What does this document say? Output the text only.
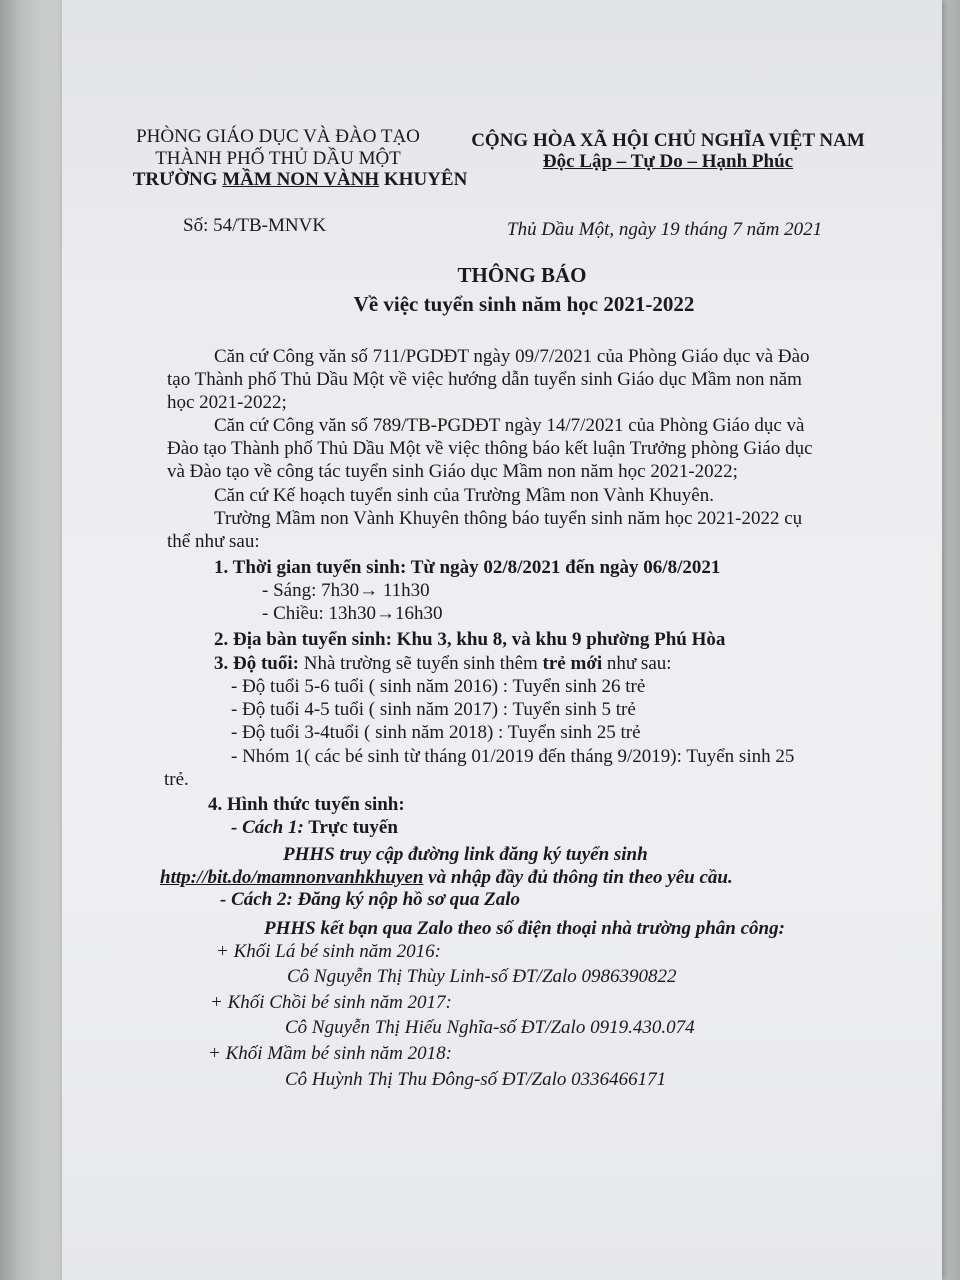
PHÒNG GIÁO DỤC VÀ ĐÀO TẠO
THÀNH PHỐ THỦ DẦU MỘT
TRƯỜNG MẦM NON VÀNH KHUYÊN
CỘNG HÒA XÃ HỘI CHỦ NGHĨA VIỆT NAM
Độc Lập – Tự Do – Hạnh Phúc
Số: 54/TB-MNVK	Thủ Dầu Một, ngày 19 tháng 7 năm 2021
THÔNG BÁO
Về việc tuyển sinh năm học 2021-2022
Căn cứ Công văn số 711/PGDĐT ngày 09/7/2021 của Phòng Giáo dục và Đào
tạo Thành phố Thủ Dầu Một về việc hướng dẫn tuyển sinh Giáo dục Mầm non năm
học 2021-2022;
Căn cứ Công văn số 789/TB-PGDĐT ngày 14/7/2021 của Phòng Giáo dục và
Đào tạo Thành phố Thủ Dầu Một về việc thông báo kết luận Trưởng phòng Giáo dục
và Đào tạo về công tác tuyển sinh Giáo dục Mầm non năm học 2021-2022;
Căn cứ Kế hoạch tuyển sinh của Trường Mầm non Vành Khuyên.
Trường Mầm non Vành Khuyên thông báo tuyển sinh năm học 2021-2022 cụ
thể như sau:
1. Thời gian tuyển sinh: Từ ngày 02/8/2021 đến ngày 06/8/2021
- Sáng: 7h30→ 11h30
- Chiều: 13h30→16h30
2. Địa bàn tuyển sinh: Khu 3, khu 8, và khu 9 phường Phú Hòa
3. Độ tuổi: Nhà trường sẽ tuyển sinh thêm trẻ mới như sau:
- Độ tuổi 5-6 tuổi ( sinh năm 2016) : Tuyển sinh 26 trẻ
- Độ tuổi 4-5 tuổi ( sinh năm 2017) : Tuyển sinh 5 trẻ
- Độ tuổi 3-4tuổi ( sinh năm 2018) : Tuyển sinh 25 trẻ
- Nhóm 1( các bé sinh từ tháng 01/2019 đến tháng 9/2019): Tuyển sinh 25
trẻ.
4. Hình thức tuyển sinh:
- Cách 1: Trực tuyến
PHHS truy cập đường link đăng ký tuyển sinh
http://bit.do/mamnonvanhkhuyen và nhập đầy đủ thông tin theo yêu cầu.
- Cách 2: Đăng ký nộp hồ sơ qua Zalo
PHHS kết bạn qua Zalo theo số điện thoại nhà trường phân công:
+ Khối Lá bé sinh năm 2016:
Cô Nguyễn Thị Thùy Linh-số ĐT/Zalo 0986390822
+ Khối Chồi bé sinh năm 2017:
Cô Nguyễn Thị Hiếu Nghĩa-số ĐT/Zalo 0919.430.074
+ Khối Mầm bé sinh năm 2018:
Cô Huỳnh Thị Thu Đông-số ĐT/Zalo 0336466171
